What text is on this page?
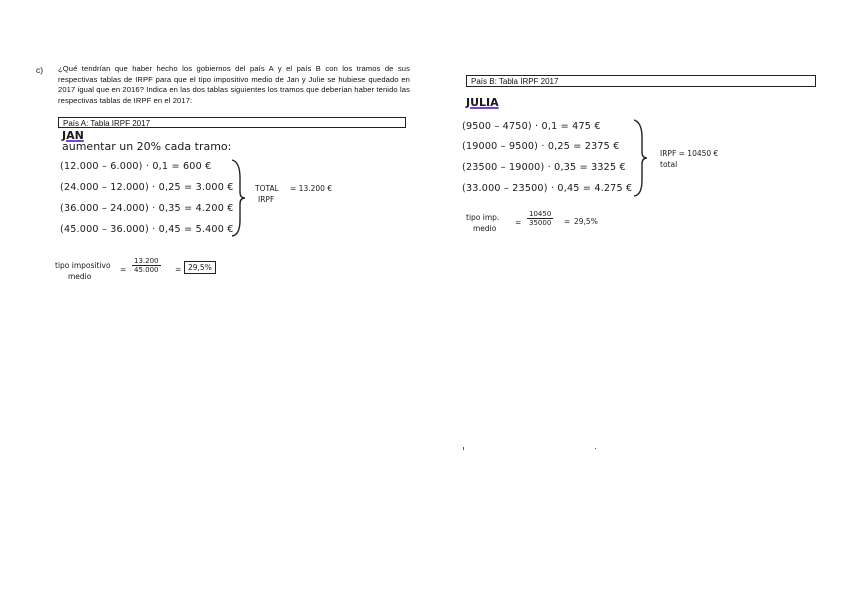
c) ¿Qué tendrían que haber hecho los gobiernos del país A y el país B con los tramos de sus respectivas tablas de IRPF para que el tipo impositivo medio de Jan y Julie se hubiese quedado en 2017 igual que en 2016? Indica en las dos tablas siguientes los tramos que deberían haber tenido las respectivas tablas de IRPF en el 2017:
País A: Tabla IRPF 2017
JAN
aumentar un 20% cada tramo:
(12.000 – 6.000) · 0,1 = 600 €
(24.000 – 12.000) · 0,25 = 3.000 €
(36.000 – 24.000) · 0,35 = 4.200 €
(45.000 – 36.000) · 0,45 = 5.400 €
TOTAL = 13.200 €
IRPF
tipo impositivo
medio
= $\frac{13.200}{45.000} = 29,5\%$
País B: Tabla IRPF 2017
JULIA
(9500 – 4750) · 0,1 = 475 €
(19000 – 9500) · 0,25 = 2375 €
(23500 – 19000) · 0,35 = 3325 €
(33.000 – 23500) · 0,45 = 4.275 €
IRPF = 10450 €
total
tipo imp.
medio
= $\frac{10450}{35000} = 29,5\%$
